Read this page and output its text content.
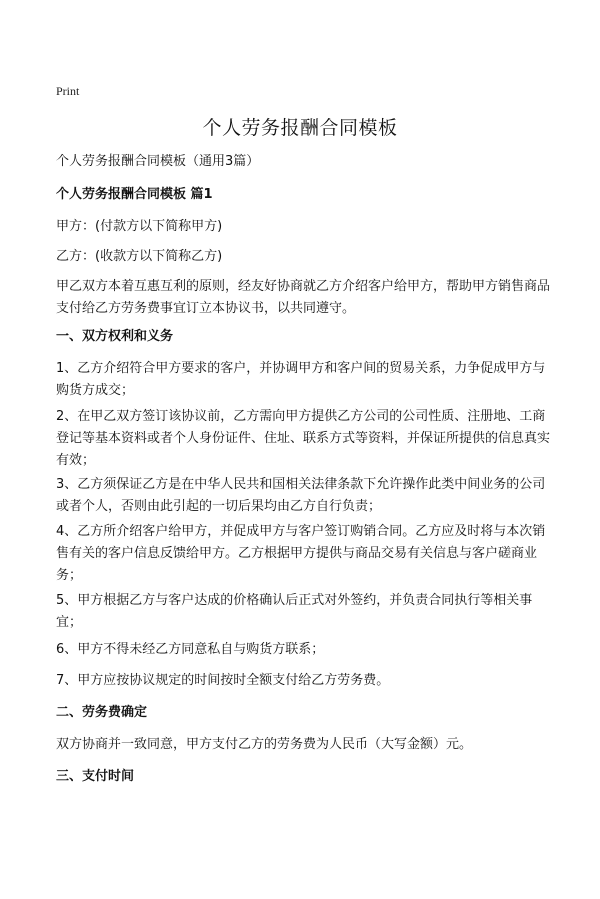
Print
个人劳务报酬合同模板

个人劳务报酬合同模板（通用3篇）

个人劳务报酬合同模板 篇1

甲方：(付款方以下简称甲方)

乙方：(收款方以下简称乙方)

甲乙双方本着互惠互利的原则，经友好协商就乙方介绍客户给甲方，帮助甲方销售商品支付给乙方劳务费事宜订立本协议书，以共同遵守。

一、双方权利和义务

1、乙方介绍符合甲方要求的客户，并协调甲方和客户间的贸易关系，力争促成甲方与购货方成交；

2、在甲乙双方签订该协议前，乙方需向甲方提供乙方公司的公司性质、注册地、工商登记等基本资料或者个人身份证件、住址、联系方式等资料，并保证所提供的信息真实有效；

3、乙方须保证乙方是在中华人民共和国相关法律条款下允许操作此类中间业务的公司或者个人，否则由此引起的一切后果均由乙方自行负责；

4、乙方所介绍客户给甲方，并促成甲方与客户签订购销合同。乙方应及时将与本次销售有关的客户信息反馈给甲方。乙方根据甲方提供与商品交易有关信息与客户磋商业务；

5、甲方根据乙方与客户达成的价格确认后正式对外签约，并负责合同执行等相关事宜；

6、甲方不得未经乙方同意私自与购货方联系；

7、甲方应按协议规定的时间按时全额支付给乙方劳务费。

二、劳务费确定

双方协商并一致同意，甲方支付乙方的劳务费为人民币（大写金额）元。

三、支付时间
